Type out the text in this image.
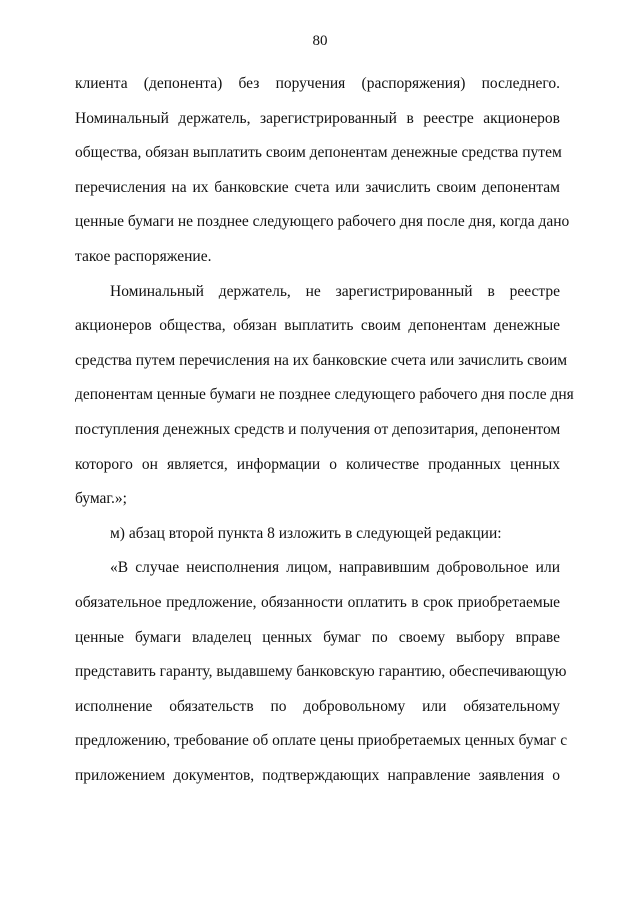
80
клиента (депонента) без поручения (распоряжения) последнего.
Номинальный держатель, зарегистрированный в реестре акционеров
общества, обязан выплатить своим депонентам денежные средства путем
перечисления на их банковские счета или зачислить своим депонентам
ценные бумаги не позднее следующего рабочего дня после дня, когда дано
такое распоряжение.
Номинальный держатель, не зарегистрированный в реестре
акционеров общества, обязан выплатить своим депонентам денежные
средства путем перечисления на их банковские счета или зачислить своим
депонентам ценные бумаги не позднее следующего рабочего дня после дня
поступления денежных средств и получения от депозитария, депонентом
которого он является, информации о количестве проданных ценных
бумаг.»;
м) абзац второй пункта 8 изложить в следующей редакции:
«В случае неисполнения лицом, направившим добровольное или
обязательное предложение, обязанности оплатить в срок приобретаемые
ценные бумаги владелец ценных бумаг по своему выбору вправе
представить гаранту, выдавшему банковскую гарантию, обеспечивающую
исполнение обязательств по добровольному или обязательному
предложению, требование об оплате цены приобретаемых ценных бумаг с
приложением документов, подтверждающих направление заявления о
